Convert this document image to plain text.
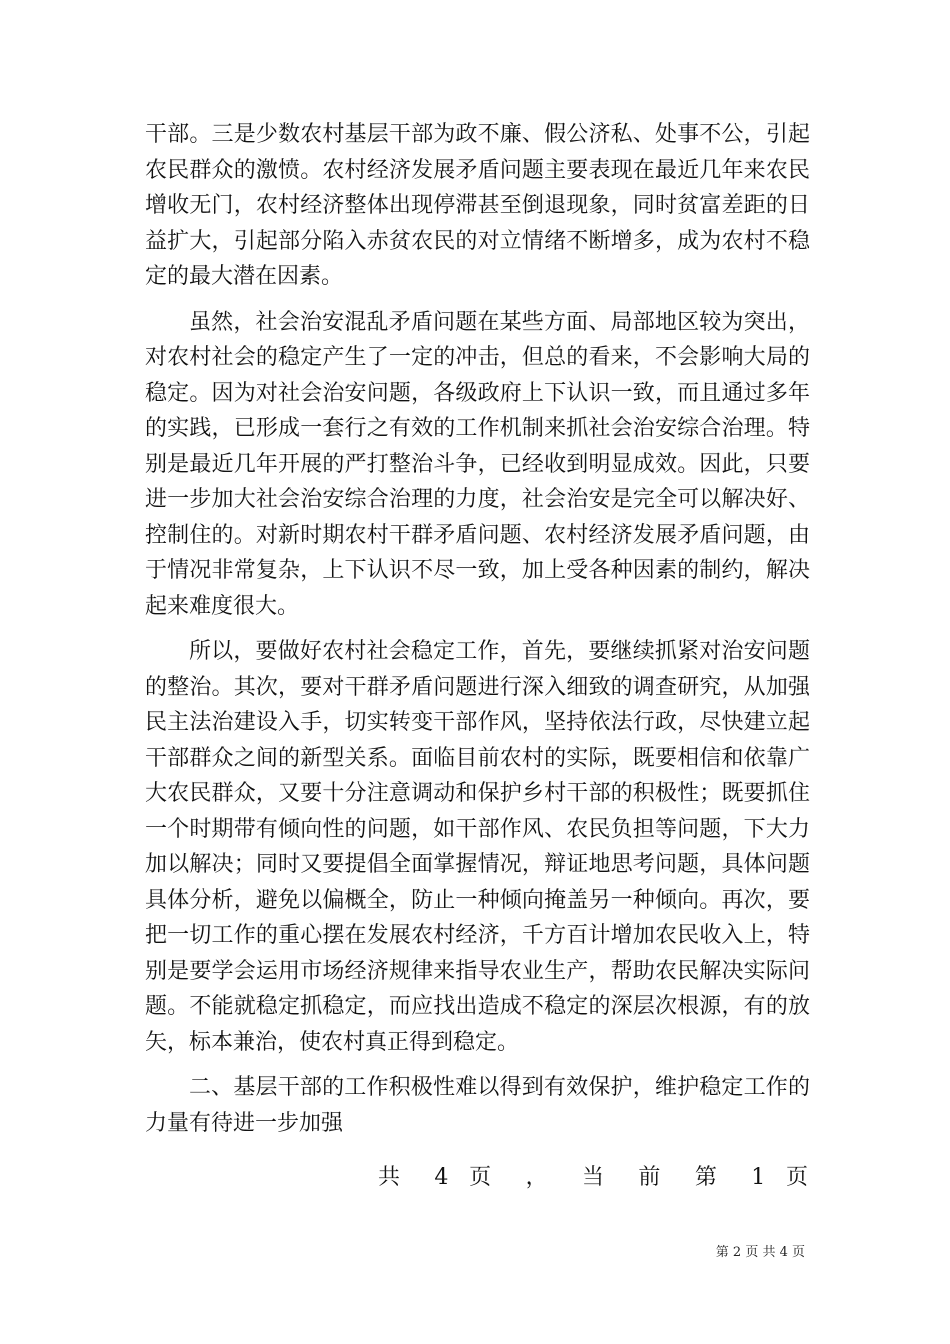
干部。三是少数农村基层干部为政不廉、假公济私、处事不公，引起农民群众的激愤。农村经济发展矛盾问题主要表现在最近几年来农民增收无门，农村经济整体出现停滞甚至倒退现象，同时贫富差距的日益扩大，引起部分陷入赤贫农民的对立情绪不断增多，成为农村不稳定的最大潜在因素。

虽然，社会治安混乱矛盾问题在某些方面、局部地区较为突出，对农村社会的稳定产生了一定的冲击，但总的看来，不会影响大局的稳定。因为对社会治安问题，各级政府上下认识一致，而且通过多年的实践，已形成一套行之有效的工作机制来抓社会治安综合治理。特别是最近几年开展的严打整治斗争，已经收到明显成效。因此，只要进一步加大社会治安综合治理的力度，社会治安是完全可以解决好、控制住的。对新时期农村干群矛盾问题、农村经济发展矛盾问题，由于情况非常复杂，上下认识不尽一致，加上受各种因素的制约，解决起来难度很大。

所以，要做好农村社会稳定工作，首先，要继续抓紧对治安问题的整治。其次，要对干群矛盾问题进行深入细致的调查研究，从加强民主法治建设入手，切实转变干部作风，坚持依法行政，尽快建立起干部群众之间的新型关系。面临目前农村的实际，既要相信和依靠广大农民群众，又要十分注意调动和保护乡村干部的积极性；既要抓住一个时期带有倾向性的问题，如干部作风、农民负担等问题，下大力加以解决；同时又要提倡全面掌握情况，辩证地思考问题，具体问题具体分析，避免以偏概全，防止一种倾向掩盖另一种倾向。再次，要把一切工作的重心摆在发展农村经济，千方百计增加农民收入上，特别是要学会运用市场经济规律来指导农业生产，帮助农民解决实际问题。不能就稳定抓稳定，而应找出造成不稳定的深层次根源，有的放矢，标本兼治，使农村真正得到稳定。

二、基层干部的工作积极性难以得到有效保护，维护稳定工作的力量有待进一步加强

共 4 页 ， 当 前 第 1 页
第 2 页 共 4 页
